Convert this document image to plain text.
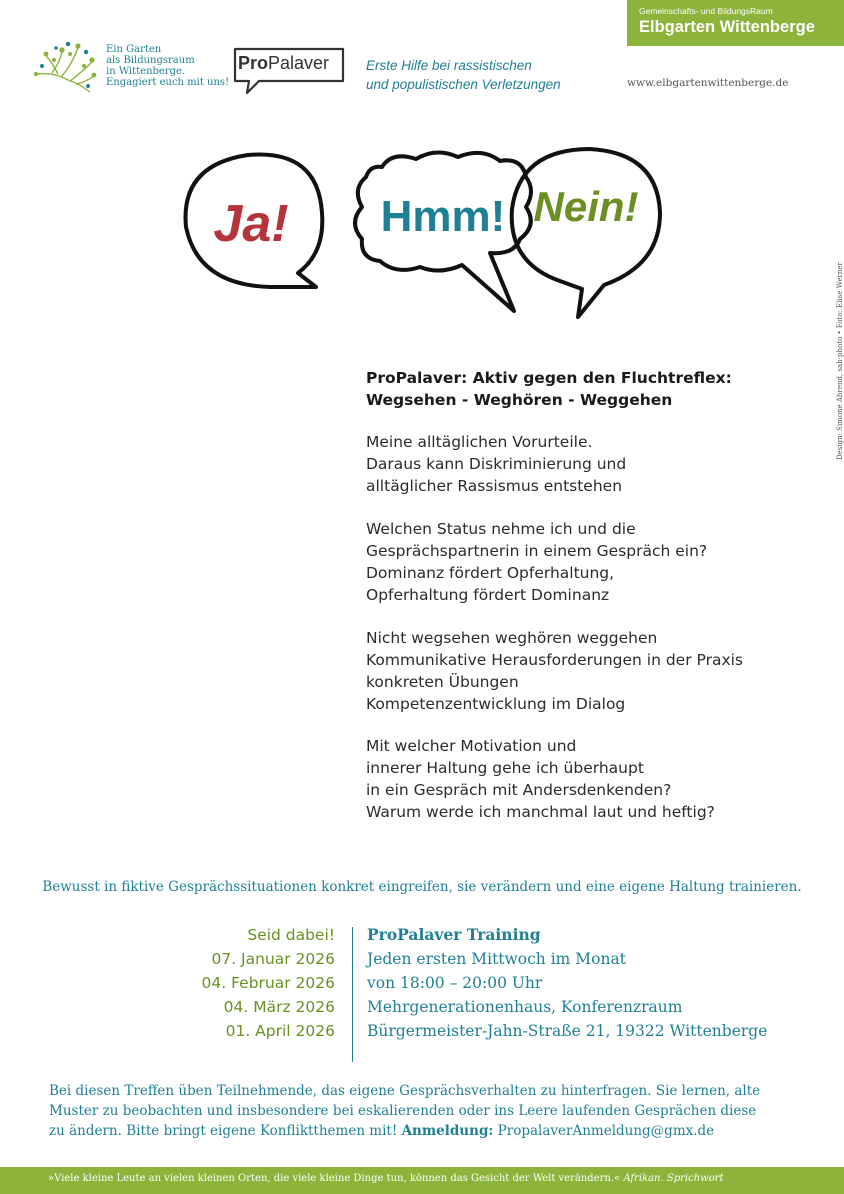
Gemeinschafts- und BildungsRaum
Elbgarten Wittenberge
Ein Garten
als Bildungsraum
in Wittenberge.
Engagiert euch mit uns!
ProPalaver	Erste Hilfe bei rassistischen
und populistischen Verletzungen	www.elbgartenwittenberge.de
Ja! Hmm! Nein!
Design: Simone Ahrend, sah-photo • Foto: Elise Werner
ProPalaver: Aktiv gegen den Fluchtreflex:
Wegsehen - Weghören - Weggehen
Meine alltäglichen Vorurteile.
Daraus kann Diskriminierung und
alltäglicher Rassismus entstehen
Welchen Status nehme ich und die
Gesprächspartnerin in einem Gespräch ein?
Dominanz fördert Opferhaltung,
Opferhaltung fördert Dominanz
Nicht wegsehen weghören weggehen
Kommunikative Herausforderungen in der Praxis
konkreten Übungen
Kompetenzentwicklung im Dialog
Mit welcher Motivation und
innerer Haltung gehe ich überhaupt
in ein Gespräch mit Andersdenkenden?
Warum werde ich manchmal laut und heftig?
Bewusst in fiktive Gesprächssituationen konkret eingreifen, sie verändern und eine eigene Haltung trainieren.
Seid dabei!
07. Januar 2026
04. Februar 2026
04. März 2026
01. April 2026
ProPalaver Training
Jeden ersten Mittwoch im Monat
von 18:00 – 20:00 Uhr
Mehrgenerationenhaus, Konferenzraum
Bürgermeister-Jahn-Straße 21, 19322 Wittenberge
Bei diesen Treffen üben Teilnehmende, das eigene Gesprächsverhalten zu hinterfragen. Sie lernen, alte
Muster zu beobachten und insbesondere bei eskalierenden oder ins Leere laufenden Gesprächen diese
zu ändern. Bitte bringt eigene Konfliktthemen mit! Anmeldung: PropalaverAnmeldung@gmx.de
»Viele kleine Leute an vielen kleinen Orten, die viele kleine Dinge tun, können das Gesicht der Welt verändern.« Afrikan. Sprichwort
